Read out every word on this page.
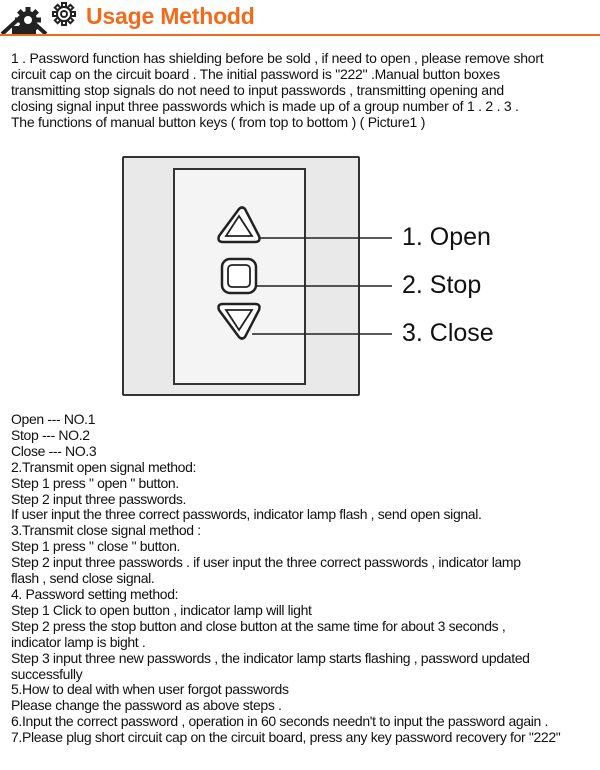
Usage Methodd
1 . Password function has shielding before be sold , if need to open , please remove short
circuit cap on the circuit board . The initial password is "222" .Manual button boxes
transmitting stop signals do not need to input passwords , transmitting opening and
closing signal input three passwords which is made up of a group number of 1 . 2 . 3 .
The functions of manual button keys ( from top to bottom ) ( Picture1 )
1. Open
2. Stop
3. Close
Open --- NO.1
Stop --- NO.2
Close --- NO.3
2.Transmit open signal method:
Step 1 press " open " button.
Step 2 input three passwords.
If user input the three correct passwords, indicator lamp flash , send open signal.
3.Transmit close signal method :
Step 1 press " close " button.
Step 2 input three passwords . if user input the three correct passwords , indicator lamp
flash , send close signal.
4. Password setting method:
Step 1 Click to open button , indicator lamp will light
Step 2 press the stop button and close button at the same time for about 3 seconds ,
indicator lamp is bight .
Step 3 input three new passwords , the indicator lamp starts flashing , password updated
successfully
5.How to deal with when user forgot passwords
Please change the password as above steps .
6.Input the correct password , operation in 60 seconds needn't to input the password again .
7.Please plug short circuit cap on the circuit board, press any key password recovery for "222"
